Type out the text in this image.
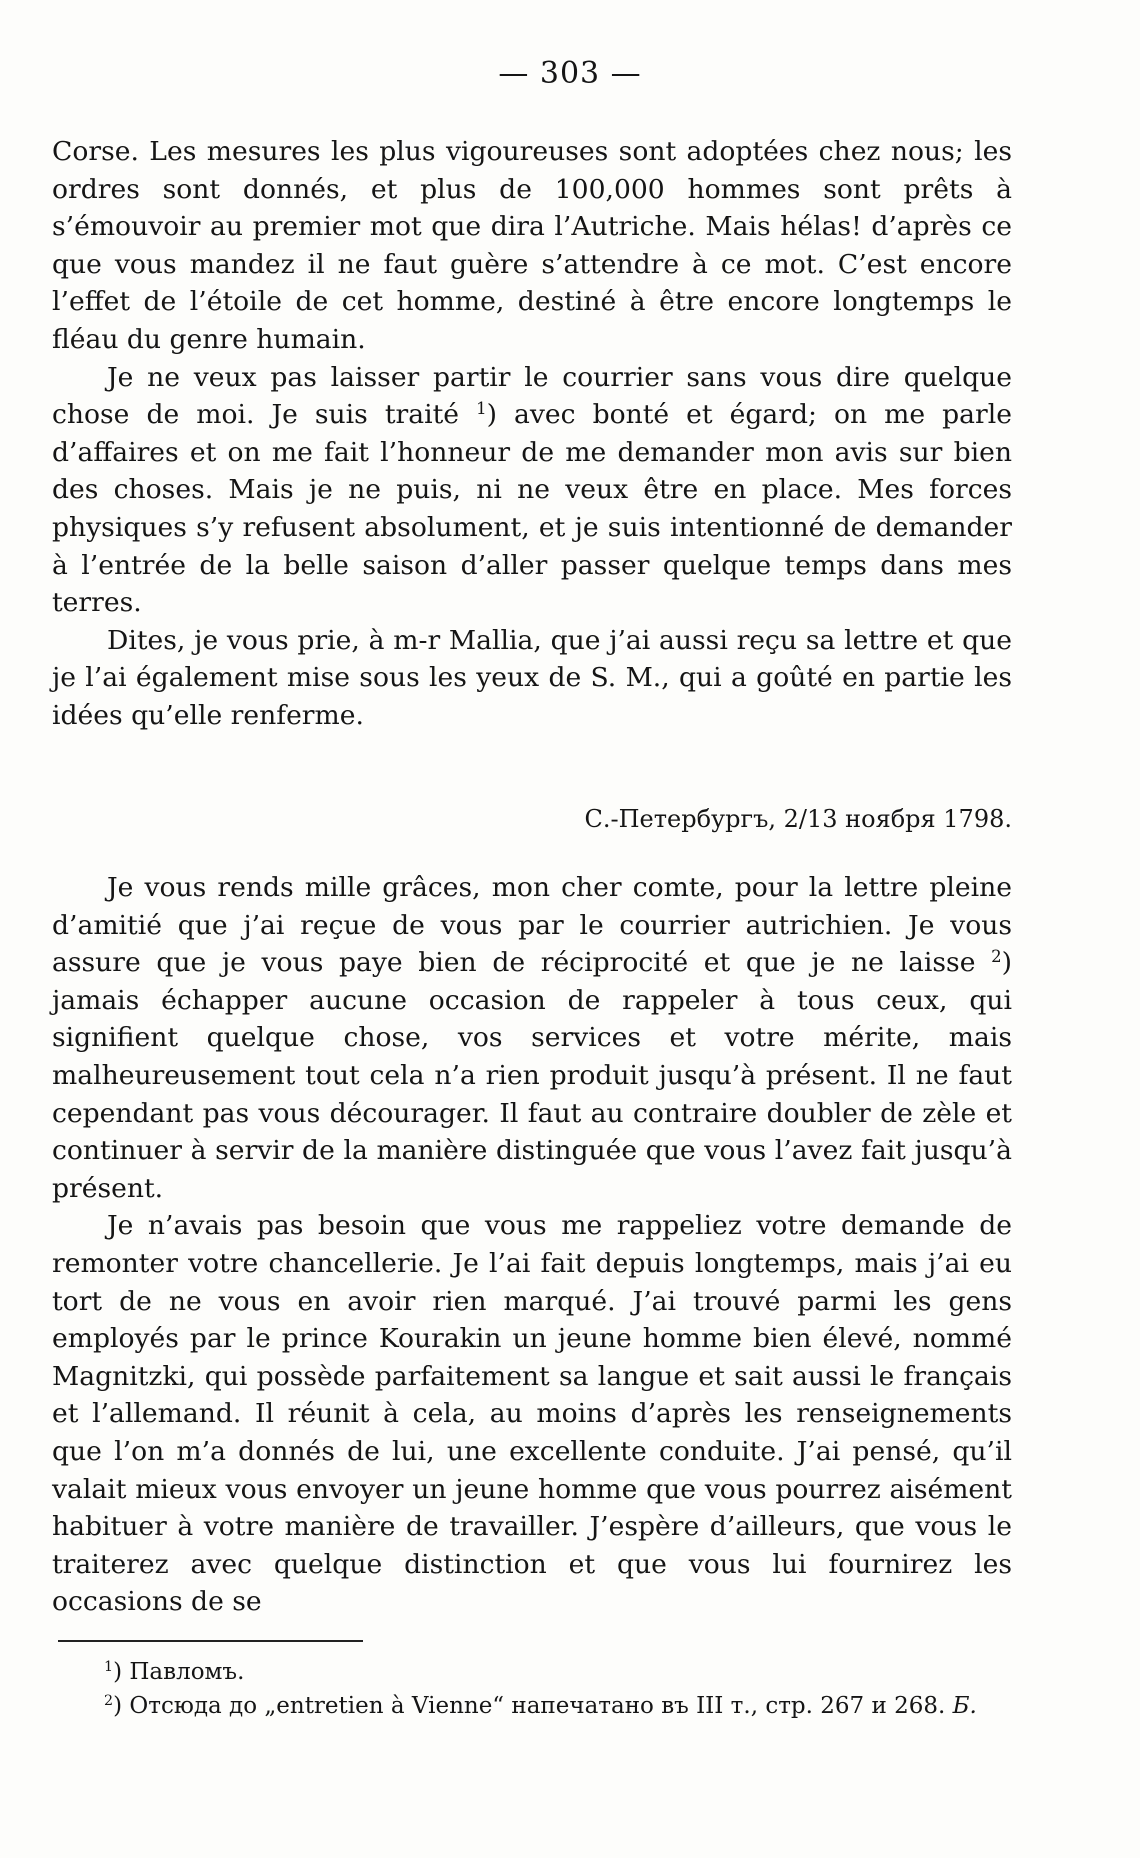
— 303 —

Corse. Les mesures les plus vigoureuses sont adoptées chez nous; les ordres sont donnés, et plus de 100,000 hommes sont prêts à s’émouvoir au premier mot que dira l’Autriche. Mais hélas! d’après ce que vous mandez il ne faut guère s’attendre à ce mot. C’est encore l’effet de l’étoile de cet homme, destiné à être encore longtemps le fléau du genre humain.

Je ne veux pas laisser partir le courrier sans vous dire quelque chose de moi. Je suis traité $^1$) avec bonté et égard; on me parle d’affaires et on me fait l’honneur de me demander mon avis sur bien des choses. Mais je ne puis, ni ne veux être en place. Mes forces physiques s’y refusent absolument, et je suis intentionné de demander à l’entrée de la belle saison d’aller passer quelque temps dans mes terres.

Dites, je vous prie, à m-r Mallia, que j’ai aussi reçu sa lettre et que je l’ai également mise sous les yeux de S. M., qui a goûté en partie les idées qu’elle renferme.

С.-Петербургъ, 2/13 ноября 1798.

Je vous rends mille grâces, mon cher comte, pour la lettre pleine d’amitié que j’ai reçue de vous par le courrier autrichien. Je vous assure que je vous paye bien de réciprocité et que je ne laisse $^2$) jamais échapper aucune occasion de rappeler à tous ceux, qui signifient quelque chose, vos services et votre mérite, mais malheureusement tout cela n’a rien produit jusqu’à présent. Il ne faut cependant pas vous décourager. Il faut au contraire doubler de zèle et continuer à servir de la manière distinguée que vous l’avez fait jusqu’à présent.

Je n’avais pas besoin que vous me rappeliez votre demande de remonter votre chancellerie. Je l’ai fait depuis longtemps, mais j’ai eu tort de ne vous en avoir rien marqué. J’ai trouvé parmi les gens employés par le prince Kourakin un jeune homme bien élevé, nommé Magnitzki, qui possède parfaitement sa langue et sait aussi le français et l’allemand. Il réunit à cela, au moins d’après les renseignements que l’on m’a donnés de lui, une excellente conduite. J’ai pensé, qu’il valait mieux vous envoyer un jeune homme que vous pourrez aisément habituer à votre manière de travailler. J’espère d’ailleurs, que vous le traiterez avec quelque distinction et que vous lui fournirez les occasions de se

$^1$) Павломъ.

$^2$) Отсюда до „entretien à Vienne“ напечатано въ III т., стр. 267 и 268. Б.
